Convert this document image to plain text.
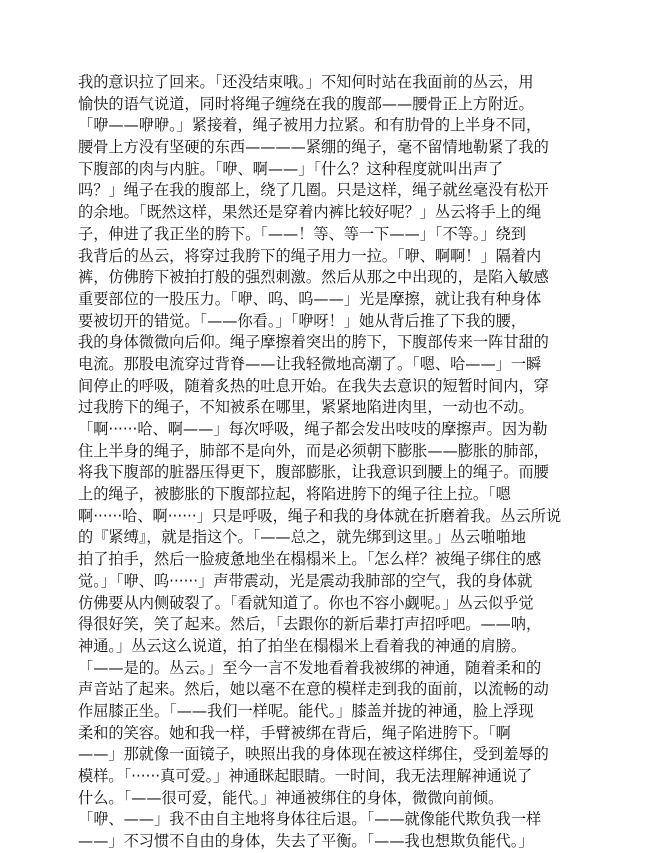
我的意识拉了回来。「还没结束哦。」不知何时站在我面前的丛云，用
愉快的语气说道，同时将绳子缠绕在我的腹部——腰骨正上方附近。
「咿——咿咿。」紧接着，绳子被用力拉紧。和有肋骨的上半身不同，
腰骨上方没有坚硬的东西————紧绷的绳子，毫不留情地勒紧了我的
下腹部的肉与内脏。「咿、啊——」「什么？这种程度就叫出声了
吗？」绳子在我的腹部上，绕了几圈。只是这样，绳子就丝毫没有松开
的余地。「既然这样，果然还是穿着内裤比较好呢？」丛云将手上的绳
子，伸进了我正坐的胯下。「——！等、等一下——」「不等。」绕到
我背后的丛云，将穿过我胯下的绳子用力一拉。「咿、啊啊！」隔着内
裤，仿佛胯下被拍打般的强烈刺激。然后从那之中出现的，是陷入敏感
重要部位的一股压力。「咿、呜、呜——」光是摩擦，就让我有种身体
要被切开的错觉。「——你看。」「咿呀！」她从背后推了下我的腰，
我的身体微微向后仰。绳子摩擦着突出的胯下，下腹部传来一阵甘甜的
电流。那股电流穿过背脊——让我轻微地高潮了。「嗯、哈——」一瞬
间停止的呼吸，随着炙热的吐息开始。在我失去意识的短暂时间内，穿
过我胯下的绳子，不知被系在哪里，紧紧地陷进肉里，一动也不动。
「啊······哈、啊——」每次呼吸，绳子都会发出吱吱的摩擦声。因为勒
住上半身的绳子，肺部不是向外，而是必须朝下膨胀——膨胀的肺部，
将我下腹部的脏器压得更下，腹部膨胀，让我意识到腰上的绳子。而腰
上的绳子，被膨胀的下腹部拉起，将陷进胯下的绳子往上拉。「嗯
啊······哈、啊······」只是呼吸，绳子和我的身体就在折磨着我。丛云所说
的『紧缚』，就是指这个。「——总之，就先绑到这里。」丛云啪啪地
拍了拍手，然后一脸疲惫地坐在榻榻米上。「怎么样？被绳子绑住的感
觉。」「咿、呜······」声带震动，光是震动我肺部的空气，我的身体就
仿佛要从内侧破裂了。「看就知道了。你也不容小觑呢。」丛云似乎觉
得很好笑，笑了起来。然后，「去跟你的新后辈打声招呼吧。——呐，
神通。」丛云这么说道，拍了拍坐在榻榻米上看着我的神通的肩膀。
「——是的。丛云。」至今一言不发地看着我被绑的神通，随着柔和的
声音站了起来。然后，她以毫不在意的模样走到我的面前，以流畅的动
作屈膝正坐。「——我们一样呢。能代。」膝盖并拢的神通，脸上浮现
柔和的笑容。她和我一样，手臂被绑在背后，绳子陷进胯下。「啊
——」那就像一面镜子，映照出我的身体现在被这样绑住，受到羞辱的
模样。「······真可爱。」神通眯起眼睛。一时间，我无法理解神通说了
什么。「——很可爱，能代。」神通被绑住的身体，微微向前倾。
「咿、——」我不由自主地将身体往后退。「——就像能代欺负我一样
——」不习惯不自由的身体，失去了平衡。「——我也想欺负能代。」
